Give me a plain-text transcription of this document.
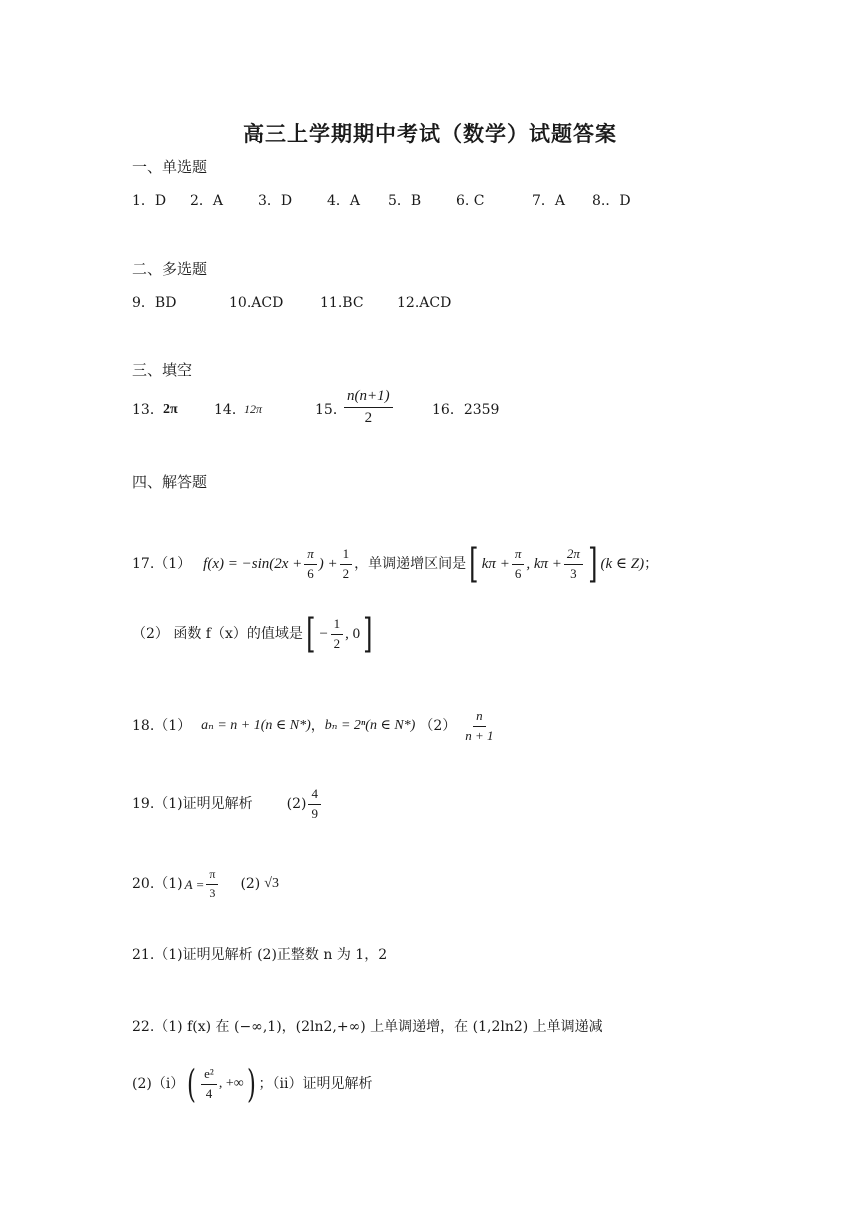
高三上学期期中考试（数学）试题答案
一、单选题
1．D 2．A 3．D 4．A 5．B 6. C	7．A 8.．D
二、多选题
9．BD	10.ACD	11.BC 12.ACD
三、填空
13． 2π	14．
12π	15．
$\frac{n(n+1)}{2}$	16．2359
四、解答题
17.（1） $f(x) = -\sin(2x + \frac{\pi}{6}$ ) + $\frac{1}{2}$ ，单调递增区间是 [ $k\pi + \frac{\pi}{6}$ , $k\pi + \frac{2\pi}{3}$ ] (k ∈ Z) ；
（2） 函数 f（x）的值域是 [ − $\frac{1}{2}$ , 0 ]
18.（1） aₙ = n + 1(n ∈ N*) ， bₙ = 2ⁿ(n ∈ N*) $(2) \frac{n}{n + 1}$
19.（1)证明见解析 $(2) \frac{4}{9}$
20.（1) $A = \frac{\pi}{3} (2)$ √3
21.（1)证明见解析 (2)正整数 n 为 1，2
22.（1) f(x) 在 (−∞,1)，(2ln2,+∞) 上单调递增，在 (1,2ln2) 上单调递减
(2)（i） ( $\frac{\text{e²}}{4}$ , +∞ ) ；（ii）证明见解析
